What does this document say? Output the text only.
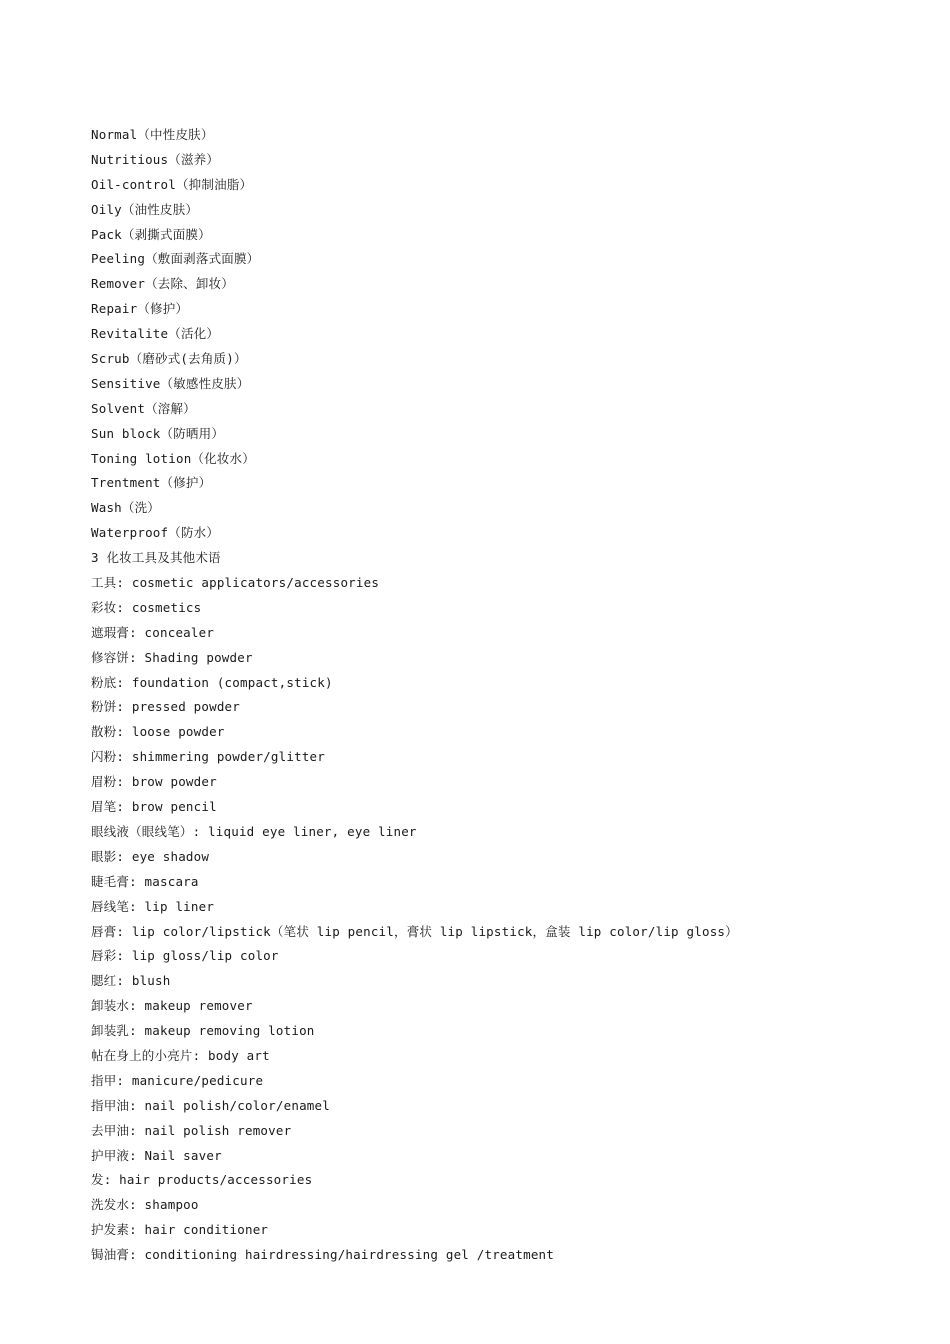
Normal（中性皮肤）
Nutritious（滋养）
Oil-control（抑制油脂）
Oily（油性皮肤）
Pack（剥撕式面膜）
Peeling（敷面剥落式面膜）
Remover（去除、卸妆）
Repair（修护）
Revitalite（活化）
Scrub（磨砂式(去角质)）
Sensitive（敏感性皮肤）
Solvent（溶解）
Sun block（防晒用）
Toning lotion（化妆水）
Trentment（修护）
Wash（洗）
Waterproof（防水）
3 化妆工具及其他术语
工具: cosmetic applicators/accessories
彩妆: cosmetics
遮瑕膏: concealer
修容饼: Shading powder
粉底: foundation (compact,stick)
粉饼: pressed powder
散粉: loose powder
闪粉: shimmering powder/glitter
眉粉: brow powder
眉笔: brow pencil
眼线液（眼线笔）: liquid eye liner, eye liner
眼影: eye shadow
睫毛膏: mascara
唇线笔: lip liner
唇膏: lip color/lipstick（笔状 lip pencil，膏状 lip lipstick，盒装 lip color/lip gloss）
唇彩: lip gloss/lip color
腮红: blush
卸装水: makeup remover
卸装乳: makeup removing lotion
帖在身上的小亮片: body art
指甲: manicure/pedicure
指甲油: nail polish/color/enamel
去甲油: nail polish remover
护甲液: Nail saver
发: hair products/accessories
洗发水: shampoo
护发素: hair conditioner
锔油膏: conditioning hairdressing/hairdressing gel /treatment
